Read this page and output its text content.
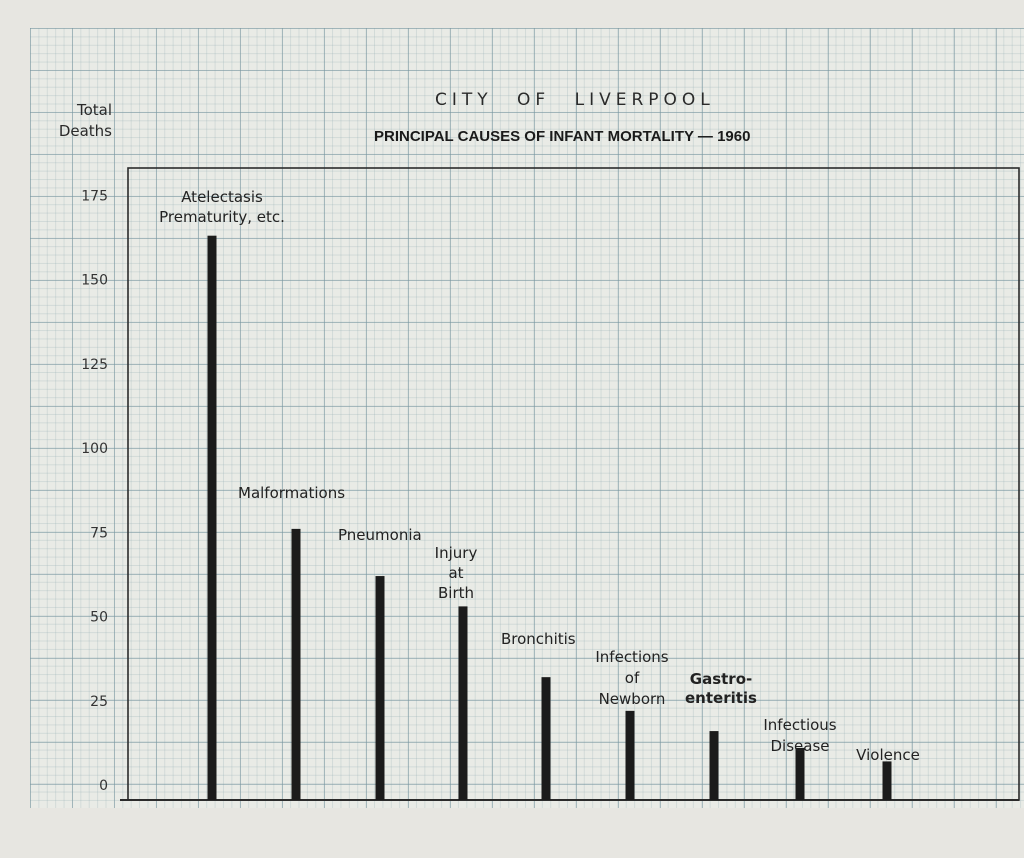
CITY OF LIVERPOOL
PRINCIPAL CAUSES OF INFANT MORTALITY — 1960
Total
Deaths
0
25
50
75
100
125
150
175	Atelectasis Prematurity, etc.
Malformations
Pneumonia
Injury at Birth
Bronchitis
Infections of Newborn
Gastro-enteritis
Infectious Disease	Violence
